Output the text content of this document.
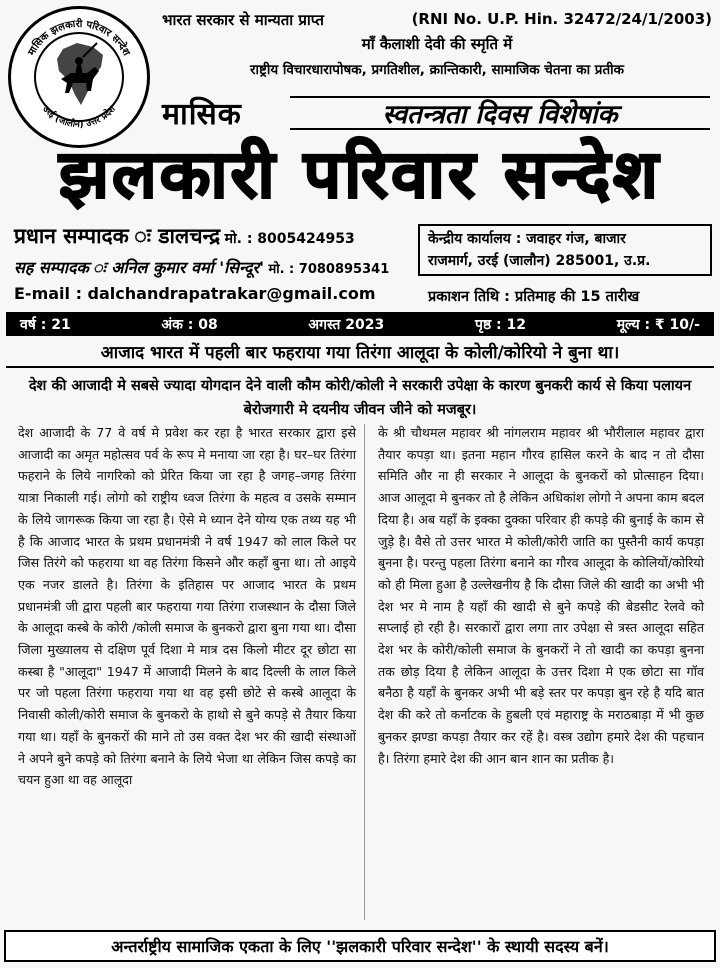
मासिक झलकारी परिवार सन्देश
उरई (जालौन) उत्तर प्रदेश
भारत सरकार से मान्यता प्राप्त	(RNI No. U.P. Hin. 32472/24/1/2003)
माँ कैलाशी देवी की स्मृति में
राष्ट्रीय विचारधारापोषक, प्रगतिशील, क्रान्तिकारी, सामाजिक चेतना का प्रतीक
मासिक	स्वतन्त्रता दिवस विशेषांक
झलकारी परिवार सन्देश
प्रधान सम्पादक ः डालचन्द्र मो. : 8005424953
सह सम्पादक ः अनिल कुमार वर्मा 'सिन्दूर' मो. : 7080895341
E-mail : dalchandrapatrakar@gmail.com
केन्द्रीय कार्यालय : जवाहर गंज, बाजार
राजमार्ग, उरई (जालौन) 285001, उ.प्र.
प्रकाशन तिथि : प्रतिमाह की 15 तारीख
वर्ष : 21	अंक : 08	अगस्त 2023	पृष्ठ : 12	मूल्य : ₹ 10/-
आजाद भारत में पहली बार फहराया गया तिरंगा आलूदा के कोली/कोरियो ने बुना था।
देश की आजादी मे सबसे ज्यादा योगदान देने वाली कौम कोरी/कोली ने सरकारी उपेक्षा के कारण बुनकरी कार्य से किया पलायन बेरोजगारी मे दयनीय जीवन जीने को मजबूर।
देश आजादी के 77 वे वर्ष मे प्रवेश कर रहा है भारत सरकार द्वारा इसे आजादी का अमृत महोत्सव पर्व के रूप मे मनाया जा रहा है। घर–घर तिरंगा फहराने के लिये नागरिको को प्रेरित किया जा रहा है जगह–जगह तिरंगा यात्रा निकाली गई। लोगो को राष्ट्रीय ध्वज तिरंगा के महत्व व उसके सम्मान के लिये जागरूक किया जा रहा है। ऐसे मे ध्यान देने योग्य एक तथ्य यह भी है कि आजाद भारत के प्रथम प्रधानमंत्री ने वर्ष 1947 को लाल किले पर जिस तिरंगे को फहराया था वह तिरंगा किसने और कहाँ बुना था। तो आइये एक नजर डालते है। तिरंगा के इतिहास पर आजाद भारत के प्रथम प्रधानमंत्री जी द्वारा पहली बार फहराया गया तिरंगा राजस्थान के दौसा जिले के आलूदा कस्बे के कोरी /कोली समाज के बुनकरो द्वारा बुना गया था। दौसा जिला मुख्यालय से दक्षिण पूर्व दिशा मे मात्र दस किलो मीटर दूर छोटा सा कस्बा है "आलूदा" 1947 में आजादी मिलने के बाद दिल्ली के लाल किले पर जो पहला तिरंगा फहराया गया था वह इसी छोटे से कस्बे आलूदा के निवासी कोली/कोरी समाज के बुनकरो के हाथो से बुने कपड़े से तैयार किया गया था। यहाँ के बुनकरों की माने तो उस वक्त देश भर की खादी संस्थाओं ने अपने बुने कपड़े को तिरंगा बनाने के लिये भेजा था लेकिन जिस कपड़े का चयन हुआ था वह आलूदा
के श्री चौथमल महावर श्री नांगलराम महावर श्री भौरीलाल महावर द्वारा तैयार कपड़ा था। इतना महान गौरव हासिल करने के बाद न तो दौसा समिति और ना ही सरकार ने आलूदा के बुनकरों को प्रोत्साहन दिया। आज आलूदा मे बुनकर तो है लेकिन अधिकांश लोगो ने अपना काम बदल दिया है। अब यहाँ के इक्का दुक्का परिवार ही कपड़े की बुनाई के काम से जुड़े है। वैसे तो उत्तर भारत मे कोली/कोरी जाति का पुस्तैनी कार्य कपड़ा बुनना है। परन्तु पहला तिरंगा बनाने का गौरव आलूदा के कोलियों/कोरियो को ही मिला हुआ है उल्लेखनीय है कि दौसा जिले की खादी का अभी भी देश भर मे नाम है यहाँ की खादी से बुने कपड़े की बेडसीट रेलवे को सप्लाई हो रही है। सरकारों द्वारा लगा तार उपेक्षा से त्रस्त आलूदा सहित देश भर के कोरी/कोली समाज के बुनकरों ने तो खादी का कपड़ा बुनना तक छोड़ दिया है लेकिन आलूदा के उत्तर दिशा मे एक छोटा सा गॉव बनैठा है यहाँ के बुनकर अभी भी बड़े स्तर पर कपड़ा बुन रहे है यदि बात देश की करे तो कर्नाटक के हुबली एवं महाराष्ट्र के मराठबाड़ा में भी कुछ बुनकर झण्डा कपड़ा तैयार कर रहें है। वस्त्र उद्योग हमारे देश की पहचान है। तिरंगा हमारे देश की आन बान शान का प्रतीक है।
अन्तर्राष्ट्रीय सामाजिक एकता के लिए ''झलकारी परिवार सन्देश'' के स्थायी सदस्य बनें।
